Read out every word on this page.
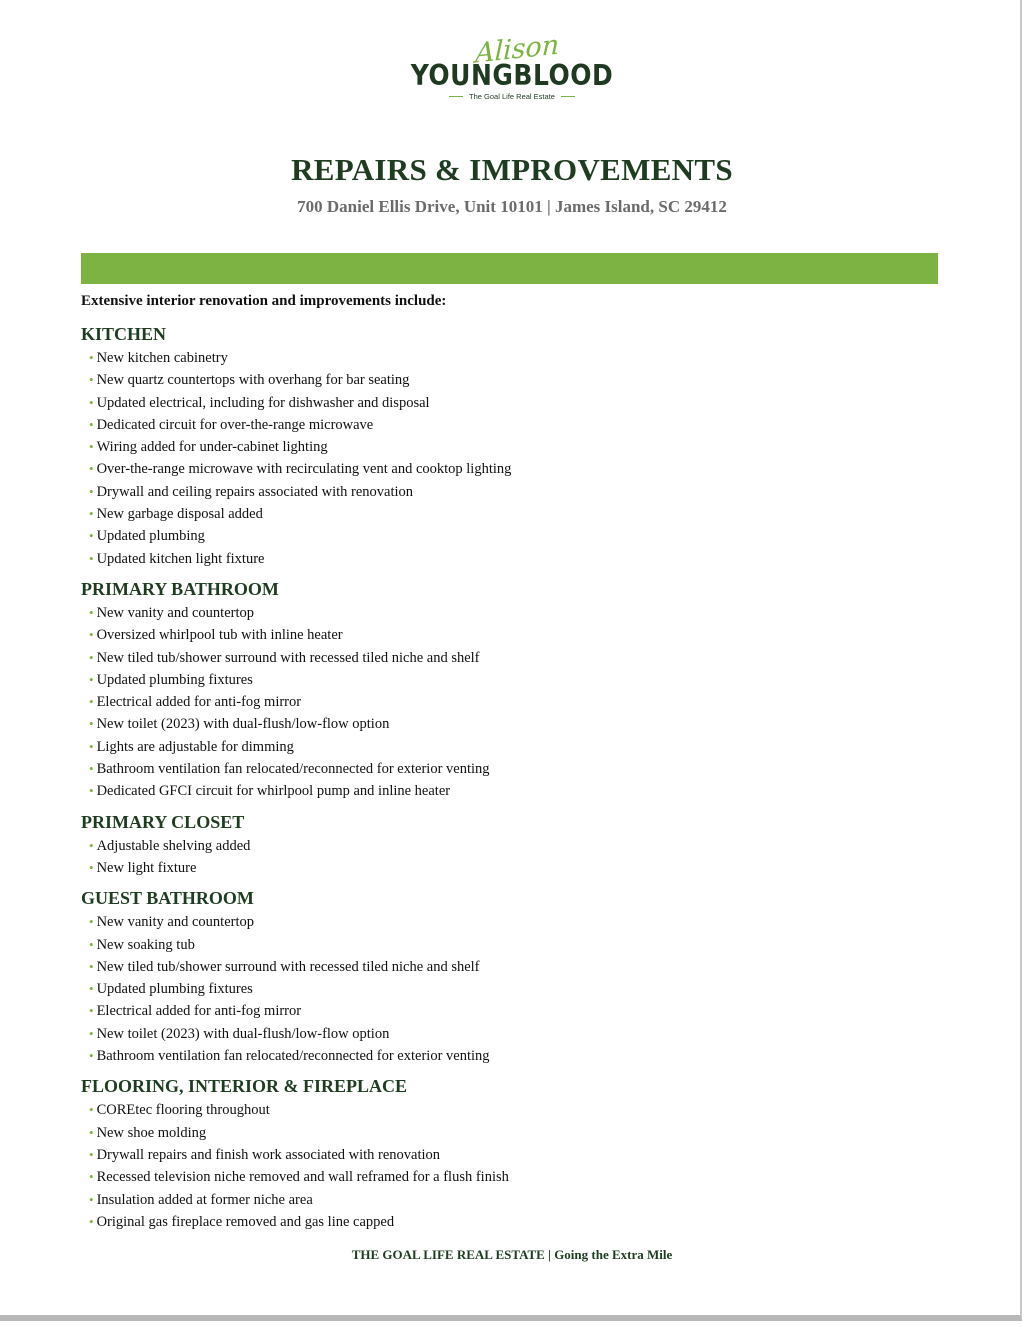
Alison
YOUNGBLOOD
The Goal Life Real Estate
REPAIRS & IMPROVEMENTS
700 Daniel Ellis Drive, Unit 10101 | James Island, SC 29412
Extensive interior renovation and improvements include:
KITCHEN
• New kitchen cabinetry
• New quartz countertops with overhang for bar seating
• Updated electrical, including for dishwasher and disposal
• Dedicated circuit for over-the-range microwave
• Wiring added for under-cabinet lighting
• Over-the-range microwave with recirculating vent and cooktop lighting
• Drywall and ceiling repairs associated with renovation
• New garbage disposal added
• Updated plumbing
• Updated kitchen light fixture
PRIMARY BATHROOM
• New vanity and countertop
• Oversized whirlpool tub with inline heater
• New tiled tub/shower surround with recessed tiled niche and shelf
• Updated plumbing fixtures
• Electrical added for anti-fog mirror
• New toilet (2023) with dual-flush/low-flow option
• Lights are adjustable for dimming
• Bathroom ventilation fan relocated/reconnected for exterior venting
• Dedicated GFCI circuit for whirlpool pump and inline heater
PRIMARY CLOSET
• Adjustable shelving added
• New light fixture
GUEST BATHROOM
• New vanity and countertop
• New soaking tub
• New tiled tub/shower surround with recessed tiled niche and shelf
• Updated plumbing fixtures
• Electrical added for anti-fog mirror
• New toilet (2023) with dual-flush/low-flow option
• Bathroom ventilation fan relocated/reconnected for exterior venting
FLOORING, INTERIOR & FIREPLACE
• COREtec flooring throughout
• New shoe molding
• Drywall repairs and finish work associated with renovation
• Recessed television niche removed and wall reframed for a flush finish
• Insulation added at former niche area
• Original gas fireplace removed and gas line capped
THE GOAL LIFE REAL ESTATE | Going the Extra Mile
